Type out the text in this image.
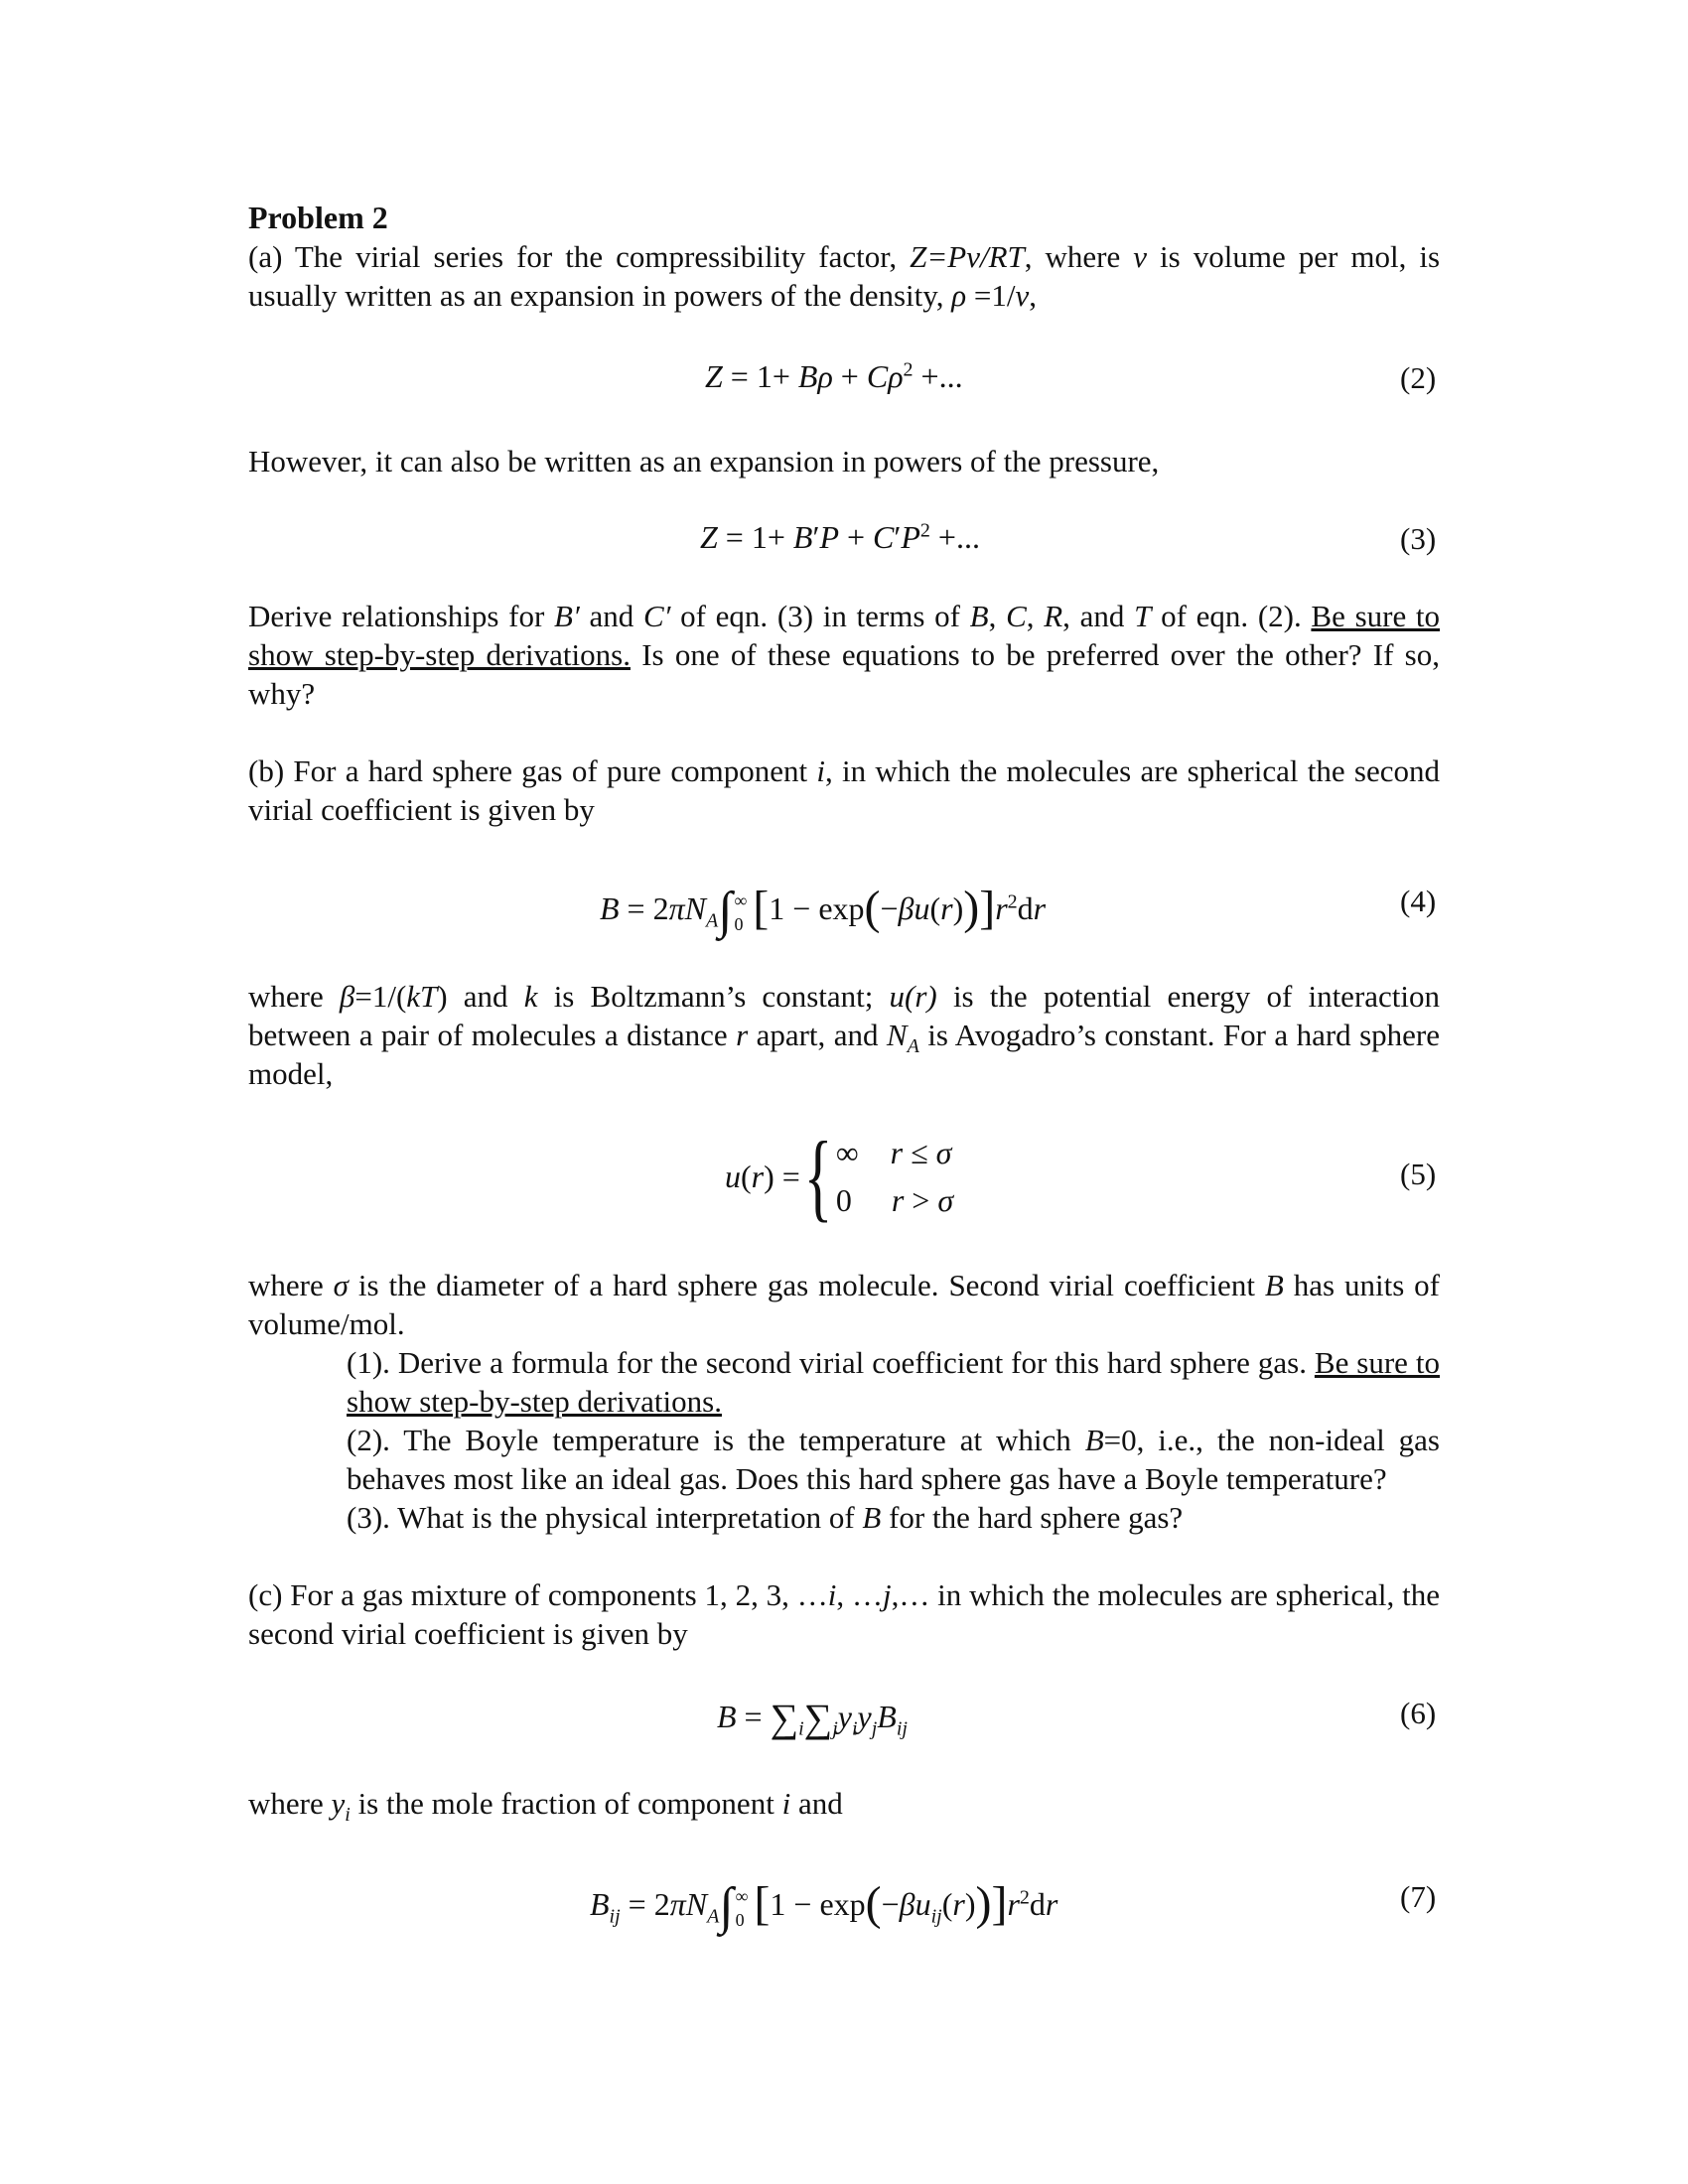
Problem 2
(a) The virial series for the compressibility factor, Z=Pv/RT, where v is volume per mol, is usually written as an expansion in powers of the density, ρ =1/v,
$Z = 1+ B\rho + C\rho^2$ +...	(2)
However, it can also be written as an expansion in powers of the pressure,
$Z = 1+ B'P + C'P^2$ +...	(3)
Derive relationships for B′ and C′ of eqn. (3) in terms of B, C, R, and T of eqn. (2). Be sure to show step-by-step derivations. Is one of these equations to be preferred over the other? If so, why?
(b) For a hard sphere gas of pure component i, in which the molecules are spherical the second virial coefficient is given by
$B = 2\pi N_A\int$ ∞
0 $[1 - \exp(-\beta u(r))]r^2dr$	(4)
where β=1/(kT) and k is Boltzmann’s constant; u(r) is the potential energy of interaction between a pair of molecules a distance r apart, and $N_A$ is Avogadro’s constant. For a hard sphere model,
u(r) ={ ∞    r ≤ σ
0     r > σ
(5)
where σ is the diameter of a hard sphere gas molecule. Second virial coefficient B has units of volume/mol.
(1). Derive a formula for the second virial coefficient for this hard sphere gas. Be sure to show step-by-step derivations.
(2). The Boyle temperature is the temperature at which B=0, i.e., the non-ideal gas behaves most like an ideal gas. Does this hard sphere gas have a Boyle temperature?
(3). What is the physical interpretation of B for the hard sphere gas?
(c) For a gas mixture of components 1, 2, 3, …i, …j,… in which the molecules are spherical, the second virial coefficient is given by
$B = \sum_i\sum_jy_iy_jB_{ij}$	(6)
where $y_i$ is the mole fraction of component i and
$B_{ij} = 2\pi N_A\int$ ∞
0 $[1 - \exp(-\beta u_{ij}(r))]r^2dr$	(7)
